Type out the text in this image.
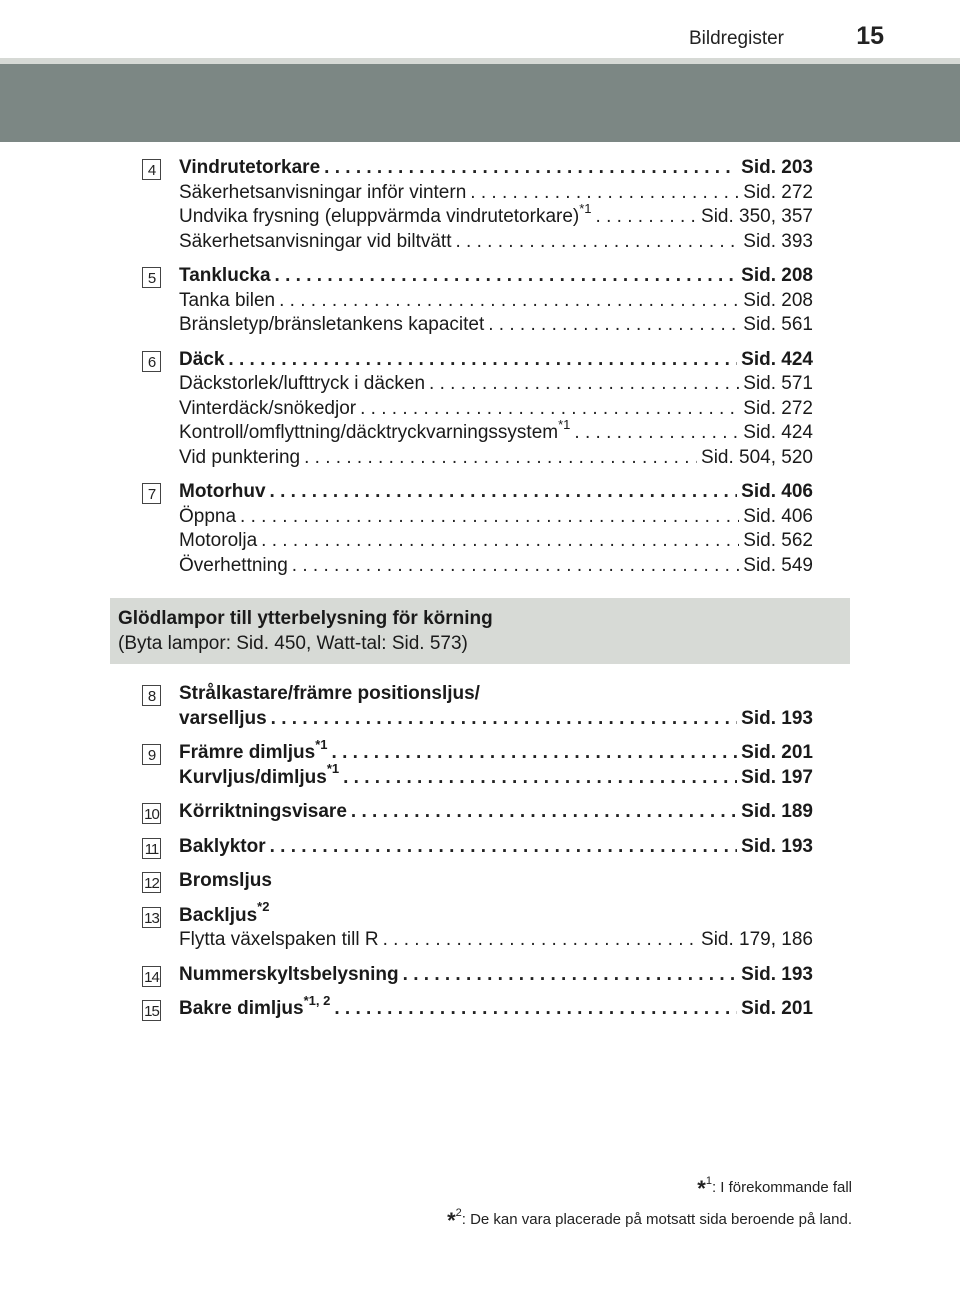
Bildregister	15
4	Vindrutetorkare . . .	Sid. 203
Säkerhetsanvisningar inför vintern . . .	Sid. 272
Undvika frysning (eluppvärmda vindrutetorkare)$^{*1}$ . . .	Sid. 350, 357
Säkerhetsanvisningar vid biltvätt . . .	Sid. 393
5	Tanklucka . . .	Sid. 208
Tanka bilen . . .	Sid. 208
Bränsletyp/bränsletankens kapacitet . . .	Sid. 561
6	Däck . . .	Sid. 424
Däckstorlek/lufttryck i däcken . . .	Sid. 571
Vinterdäck/snökedjor . . .	Sid. 272
Kontroll/omflyttning/däcktryckvarningssystem$^{*1}$ . . .	Sid. 424
Vid punktering . . .	Sid. 504, 520
7	Motorhuv . . .	Sid. 406
Öppna . . .	Sid. 406
Motorolja . . .	Sid. 562
Överhettning . . .	Sid. 549
Glödlampor till ytterbelysning för körning
(Byta lampor: Sid. 450, Watt-tal: Sid. 573)
8	Strålkastare/främre positionsljus/
varselljus . . .	Sid. 193
9	Främre dimljus$^{*1}$ . . .	Sid. 201
Kurvljus/dimljus$^{*1}$ . . .	Sid. 197
10 Körriktningsvisare . . .	Sid. 189
11 Baklyktor . . .	Sid. 193
12 Bromsljus
13 Backljus$^{*2}$
Flytta växelspaken till R . . .	Sid. 179, 186
14 Nummerskyltsbelysning . . .	Sid. 193
15 Bakre dimljus$^{*1, 2}$ . . .	Sid. 201
*$^1$: I förekommande fall
*$^2$: De kan vara placerade på motsatt sida beroende på land.
